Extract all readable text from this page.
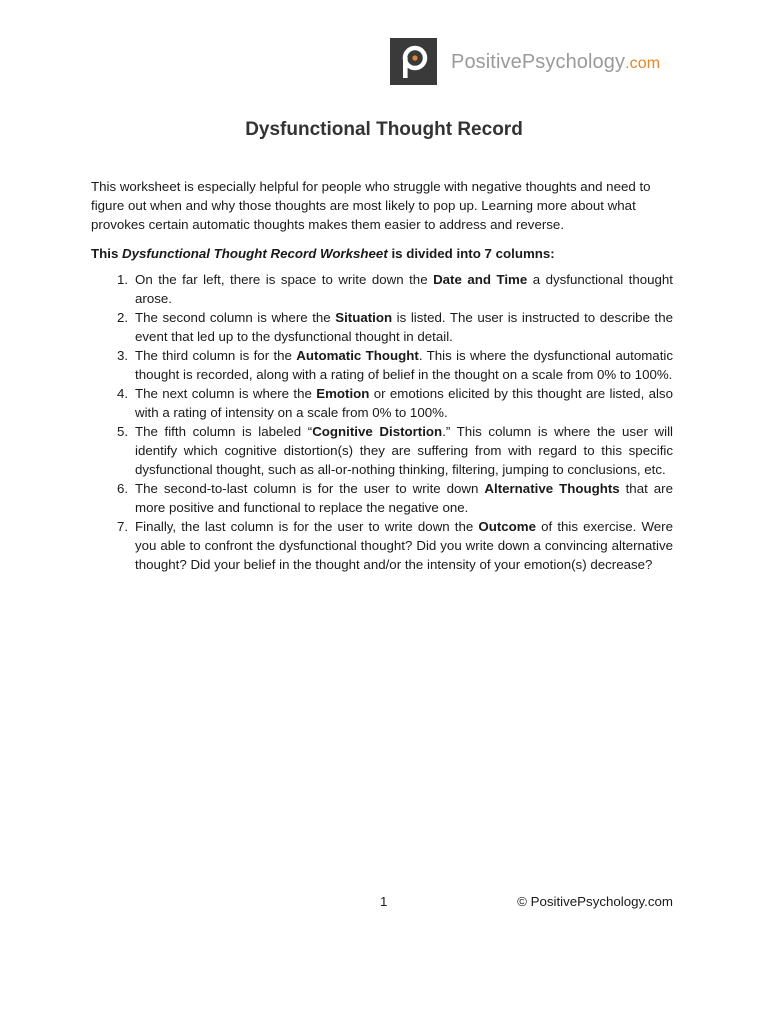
PositivePsychology.com
Dysfunctional Thought Record

This worksheet is especially helpful for people who struggle with negative thoughts and need to figure out when and why those thoughts are most likely to pop up. Learning more about what provokes certain automatic thoughts makes them easier to address and reverse.

This Dysfunctional Thought Record Worksheet is divided into 7 columns:

1. On the far left, there is space to write down the Date and Time a dysfunctional thought arose.
2. The second column is where the Situation is listed. The user is instructed to describe the event that led up to the dysfunctional thought in detail.
3. The third column is for the Automatic Thought. This is where the dysfunctional automatic thought is recorded, along with a rating of belief in the thought on a scale from 0% to 100%.
4. The next column is where the Emotion or emotions elicited by this thought are listed, also with a rating of intensity on a scale from 0% to 100%.
5. The fifth column is labeled “Cognitive Distortion.” This column is where the user will identify which cognitive distortion(s) they are suffering from with regard to this specific dysfunctional thought, such as all-or-nothing thinking, filtering, jumping to conclusions, etc.
6. The second-to-last column is for the user to write down Alternative Thoughts that are more positive and functional to replace the negative one.
7. Finally, the last column is for the user to write down the Outcome of this exercise. Were you able to confront the dysfunctional thought? Did you write down a convincing alternative thought? Did your belief in the thought and/or the intensity of your emotion(s) decrease?
1	© PositivePsychology.com
